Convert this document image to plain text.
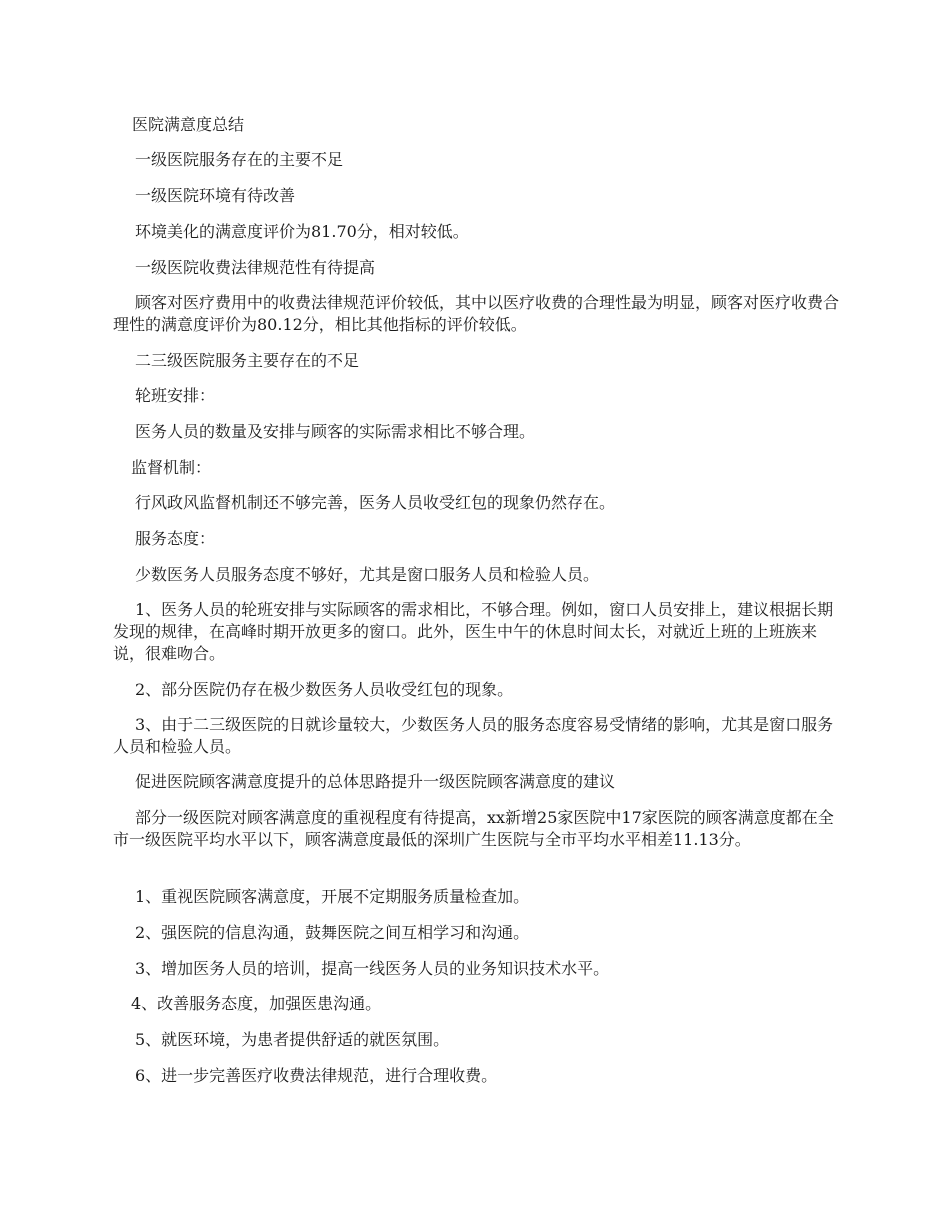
医院满意度总结

一级医院服务存在的主要不足

一级医院环境有待改善

环境美化的满意度评价为81.70分，相对较低。

一级医院收费法律规范性有待提高

顾客对医疗费用中的收费法律规范评价较低，其中以医疗收费的合理性最为明显，顾客对医疗收费合理性的满意度评价为80.12分，相比其他指标的评价较低。

二三级医院服务主要存在的不足

轮班安排：

医务人员的数量及安排与顾客的实际需求相比不够合理。

监督机制：

行风政风监督机制还不够完善，医务人员收受红包的现象仍然存在。

服务态度：

少数医务人员服务态度不够好，尤其是窗口服务人员和检验人员。

1、医务人员的轮班安排与实际顾客的需求相比，不够合理。例如，窗口人员安排上，建议根据长期发现的规律，在高峰时期开放更多的窗口。此外，医生中午的休息时间太长，对就近上班的上班族来说，很难吻合。

2、部分医院仍存在极少数医务人员收受红包的现象。

3、由于二三级医院的日就诊量较大，少数医务人员的服务态度容易受情绪的影响，尤其是窗口服务人员和检验人员。

促进医院顾客满意度提升的总体思路提升一级医院顾客满意度的建议

部分一级医院对顾客满意度的重视程度有待提高，xx新增25家医院中17家医院的顾客满意度都在全市一级医院平均水平以下，顾客满意度最低的深圳广生医院与全市平均水平相差11.13分。

1、重视医院顾客满意度，开展不定期服务质量检查加。

2、强医院的信息沟通，鼓舞医院之间互相学习和沟通。

3、增加医务人员的培训，提高一线医务人员的业务知识技术水平。

4、改善服务态度，加强医患沟通。

5、就医环境，为患者提供舒适的就医氛围。

6、进一步完善医疗收费法律规范，进行合理收费。
